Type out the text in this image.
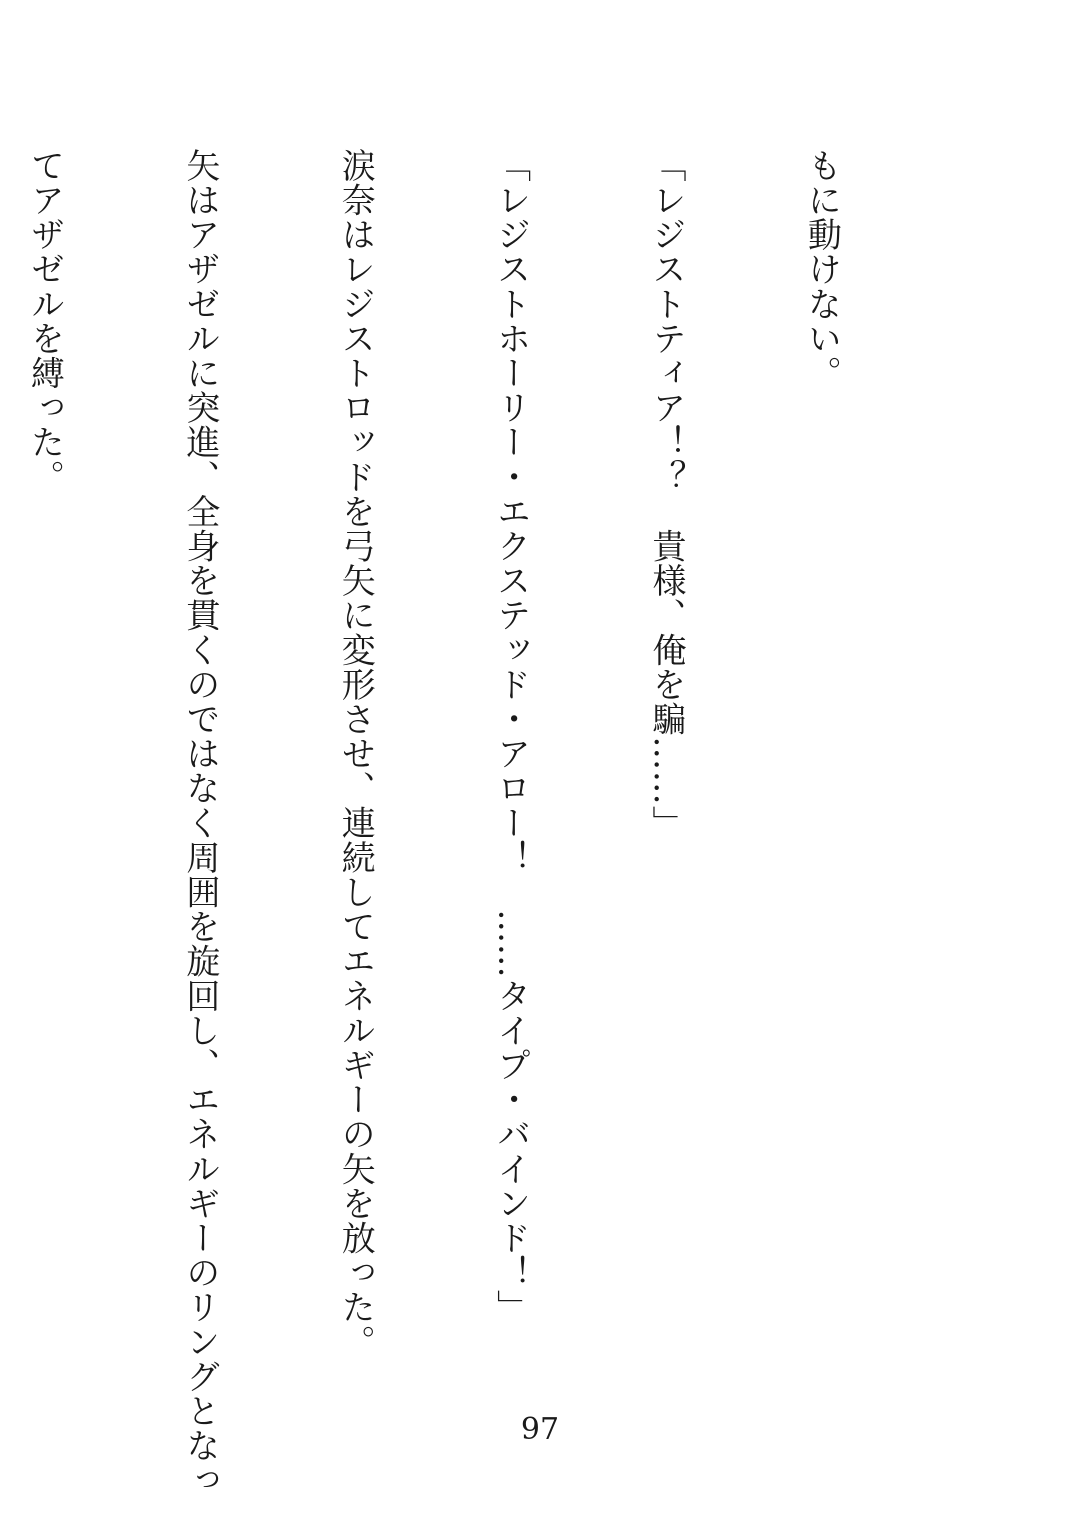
もに動けない。

「レジストティア！？　貴様、俺を騙……」

「レジストホーリー・エクステッド・アロー！　……タイプ・バインド！」

涙奈はレジストロッドを弓矢に変形させ、連続してエネルギーの矢を放った。

矢はアザゼルに突進、全身を貫くのではなく周囲を旋回し、エネルギーのリングとなっ

てアザゼルを縛った。

97
